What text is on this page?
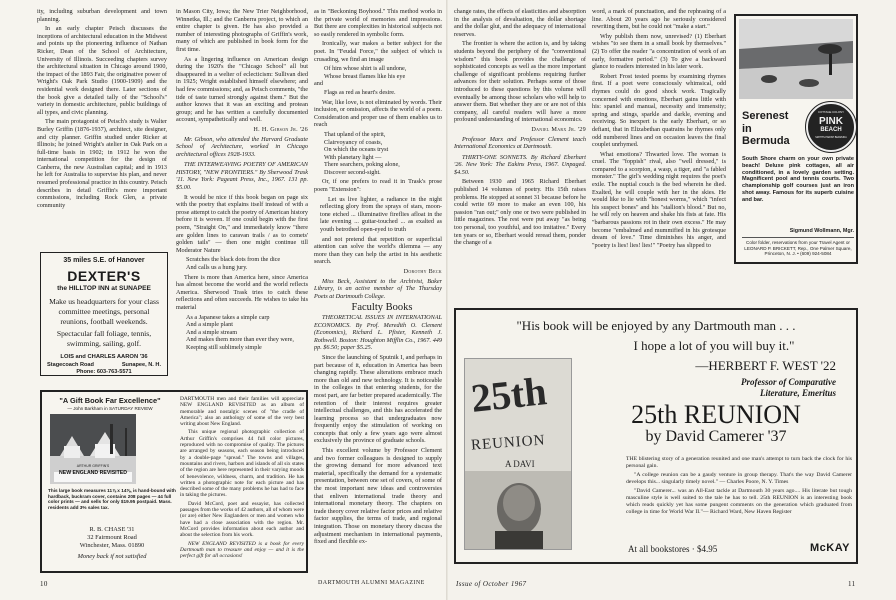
ity, including suburban development and town planning.

In an early chapter Peisch discusses the inceptions of architectural education in the Midwest and points up the pioneering influence of Nathan Ricker, Dean of the School of Architecture, University of Illinois. Succeeding chapters survey the architectural situation in Chicago around 1900, the impact of the 1893 Fair, the originative power of Wright's Oak Park Studio (1900-1909) and the residential work designed there. Later sections of the book give a detailed tally of the "School's" variety in domestic architecture, public buildings of all types, and civic planning.

The main protagonist of Peisch's study is Walter Burley Griffin (1876-1937), architect, site designer, and city planner. Griffin studied under Ricker at Illinois; he joined Wright's atelier in Oak Park on a full-time basis in 1902; in 1912 he won the international competition for the design of Canberra, the new Australian capital; and in 1913 he left for Australia to supervise his plan, and never resumed professional practice in this country. Peisch describes in detail Griffin's more important commissions, including Rock Glen, a private community

35 miles S.E. of Hanover
DEXTER'S
the HILLTOP INN at SUNAPEE
Make us headquarters for your class committee meetings, personal reunions, football weekends.
Spectacular fall foliage, tennis, swimming, sailing, golf.
LOIS and CHARLES AARON '36
Stagecoach Road	Sunapee, N. H.
Phone: 603-763-5571

in Mason City, Iowa; the New Trier Neighborhood, Winnetka, Ill.; and the Canberra project, to which an entire chapter is given. He has also provided a number of interesting photographs of Griffin's work, many of which are published in book form for the first time.

As a lingering influence on American design during the 1920's the "Chicago School" all but disappeared in a welter of eclecticism: Sullivan died in 1925; Wright established himself elsewhere; and had few commissions; and, as Peisch comments, "the tide of taste turned strongly against them." But the author knows that it was an exciting and protean group; and he has written a carefully documented account, sympathetically and well.

H. H. Gibson Jr. '26

Mr. Gibson, who attended the Harvard Graduate School of Architecture, worked in Chicago architectural offices 1928-1933.

THE INTERWEAVING POETRY OF AMERICAN HISTORY, "NEW FRONTIERS." By Sherwood Trask '11. New York: Pageant Press, Inc., 1967. 131 pp. $5.00.

It would be nice if this book began on page six with the poetry that explains itself instead of with a prose attempt to catch the poetry of American history before it is woven. If one could begin with the first poem, "Straight On," and immediately know "there are golden lines to caravan trails / as to comets' golden tails" — then one might continue till Moderator Nature

Scratches the black dots from the dice

And calls us a hung jury.

There is more than America here, since America has almost become the world and the world reflects America. Sherwood Trask tries to catch these reflections and often succeeds. He wishes to take his material

As a Japanese takes a simple carp

And a simple plant

And a simple stream

And makes them more than ever they were,

Keeping still sublimely simple

as in "Beckoning Boyhood." This method works in the private world of memories and impressions. But there are complexities in historical subjects not so easily rendered in symbolic form.

Ironically, war makes a better subject for the poet. In "Feudal Force," the subject of which is crusading, we find an image

Of him whose shirt is all undone,

Whose breast flames like his eye

and

Flags as red as heart's desire.

War, like love, is not eliminated by words. Their inclusion, or omission, affects the world of a poem. Consideration and proper use of them enables us to reach

That upland of the spirit,

Clairvoyancy of coasts,

On which the oceans tryst

With planetary light —

There searchers, poking alone,

Discover second-sight.

Or, if one prefers to read it in Trask's prose poem "Extension":

Let us live lighter, a radiance in the night reflecting glory from the sprays of stars, moon-tone etched ... illuminative fireflies afloat in the late evening ... guitar-touched ... as exalted as youth betrothed open-eyed to truth

and not pretend that repetition or superficial attention can solve the world's dilemma — any more than they can help the artist in his aesthetic search.

Dorothy Beck

Miss Beck, Assistant to the Archivist, Baker Library, is an active member of The Thursday Poets at Dartmouth College.

Faculty Books

THEORETICAL ISSUES IN INTERNATIONAL ECONOMICS. By Prof. Meredith O. Clement (Economics), Richard L. Pfister, Kenneth J. Rothwell. Boston: Houghton Mifflin Co., 1967. 449 pp. $6.50; paper $5.25.

Since the launching of Sputnik I, and perhaps in part because of it, education in America has been changing rapidly. These alterations embrace much more than old and new technology. It is noticeable in the colleges in that entering students, for the most part, are far better prepared academically. The retention of their interest requires greater intellectual challenges, and this has accelerated the learning process so that undergraduates now frequently enjoy the stimulation of working on concepts that only a few years ago were almost exclusively the province of graduate schools.

This excellent volume by Professor Clement and two former colleagues is designed to supply the growing demand for more advanced text material, specifically the demand for a systematic presentation, between one set of covers, of some of the most important new ideas and controversies that enliven international trade theory and international monetary theory. The chapters on trade theory cover relative factor prices and relative factor supplies, the terms of trade, and regional integration. Those on monetary theory discuss the adjustment mechanism in international payments, fixed and flexible ex-

"A Gift Book Far Excellence"
— John Barkham in SATURDAY REVIEW
ARTHUR GRIFFIN'S
NEW ENGLAND REVISITED
This large book measures 11⅞ x 14⅝, is hand-bound with hardback, buckram cover, contains 208 pages — 44 full color prints — and sells for only $19.95 postpaid. Mass. residents add 3% sales tax.
R. B. CHASE '31
32 Fairmount Road
Winchester, Mass. 01890
Money back if not satisfied

DARTMOUTH men and their families will appreciate NEW ENGLAND REVISITED as an album of memorable and nostalgic scenes of "the cradle of America"; also an anthology of some of the very best writing about New England.

This unique regional photographic collection of Arthur Griffin's comprises 44 full color pictures, reproduced with no compromise of quality. The pictures are arranged by seasons, each season being introduced by a double-page "spread." The towns and villages, mountains and rivers, harbors and islands of all six states of the region are here represented in their varying moods of benevolence, wildness, charm, and tradition. He has written a photographic note for each picture and has described some of the many problems he has had to face in taking the pictures.

David McCord, poet and essayist, has collected passages from the works of 42 authors, all of whom were (or are) either New Englanders or men and women who have had a close association with the region. Mr. McCord provides information about each author and about the selection from his work.

NEW ENGLAND REVISITED is a book for every Dartmouth man to treasure and enjoy — and it is the perfect gift for all occasions!

10	DARTMOUTH ALUMNI MAGAZINE

change rates, the effects of elasticities and absorption in the analysis of devaluation, the dollar shortage and the dollar glut, and the adequacy of international reserves.

The frontier is where the action is, and by taking students beyond the periphery of the "conventional wisdom" this book provides the challenge of sophisticated concepts as well as the more important challenge of significant problems requiring further advances for their solution. Perhaps some of those introduced to these questions by this volume will eventually be among those scholars who will help to answer them. But whether they are or are not of this company, all careful readers will have a more profound understanding of international economics.

Daniel Marx Jr. '29

Professor Marx and Professor Clement teach International Economics at Dartmouth.

THIRTY-ONE SONNETS. By Richard Eberhart '26. New York: The Eakins Press, 1967. Unpaged. $4.50.

Between 1930 and 1965 Richard Eberhart published 14 volumes of poetry. His 15th raises problems. He stopped at sonnet 31 because before he could write 69 more to make an even 100, his passion "ran out;" only one or two were published in little magazines. The rest were put away "as being too personal, too youthful, and too imitative." Every ten years or so, Eberhart would reread them, ponder the change of a

word, a mark of punctuation, and the rephrasing of a line. About 20 years ago he seriously considered rewriting them, but he could not "make a start."

Why publish them now, unrevised? (1) Eberhart wishes "to see them in a small book by themselves." (2) To offer the reader "a concentration of work of an early, formative period." (3) To give a backward glance to readers interested in his later work.

Robert Frost tested poems by examining rhymes first. If a poet were consciously whimsical, odd rhymes could do good shock work. Tragically concerned with emotions, Eberhart gains little with his: spaniel and manual, necessity and immensity; spring and stings, sparkle and darkle, evening and receiving. So inexpert is the early Eberhart, or so defiant, that in Elizabethan quatrains he rhymes only odd numbered lines and on occasion leaves the final couplet unrhymed.

What emotions? Thwarted love. The woman is cruel. The "foppish" rival, also "well dressed," is compared to a scorpion, a wasp, a tiger, and "a fabled monster." The girl's wedding night requires the poet's exile. The nuptial couch is the bed wherein he died. Exalted, he will couple with her in the skies. He would like to lie with "honest worms," which "infect his suspect bones" and his "stallion's blood." But no, he will rely on heaven and shake his fists at fate. His "barbarous passions rot in their own excess." He may become "embalmed and mummified in his grotesque dream of love." Time diminishes his anger, and "poetry is lies! lies! lies!" "Poetry has slipped to

Serenest
in Bermuda
COTTAGE COLONY
PINK
BEACH
SMITH'S PARISH BERMUDA
South Shore charm on your own private beach! Deluxe pink cottages, all air conditioned, in a lovely garden setting. Magnificent pool and tennis courts. Two championship golf courses just an iron shot away. Famous for its superb cuisine and bar.
Sigmund Wollmann, Mgr.
Color folder, reservations from your Travel Agent or LEONARD P. BRICKETT, Rep., One Palmer Square, Princeton, N. J. • (609) 924-5084
"His book will be enjoyed by any Dartmouth man . . .
I hope a lot of you will buy it."
—HERBERT F. WEST '22
Professor of Comparative
Literature, Emeritus
25th
REUNION
A DAVI
25th REUNION
by David Camerer '37

THE blistering story of a generation reunited and one man's attempt to turn back the clock for his personal gain.

"A college reunion can be a gaudy venture in group therapy. That's the way David Camerer develops this... singularly timely novel." — Charles Poore, N. Y. Times

"David Camerer... was an All-East tackle at Dartmouth 30 years ago.... His literate but tough masculine style is well suited to the tale he has to tell. 25th REUNION is an interesting book which reads quickly yet has some pungent comments on the generation which graduated from college in time for World War II."— Richard Ward, New Haven Register

At all bookstores · $4.95	McKAY
Issue of October 1967	11
